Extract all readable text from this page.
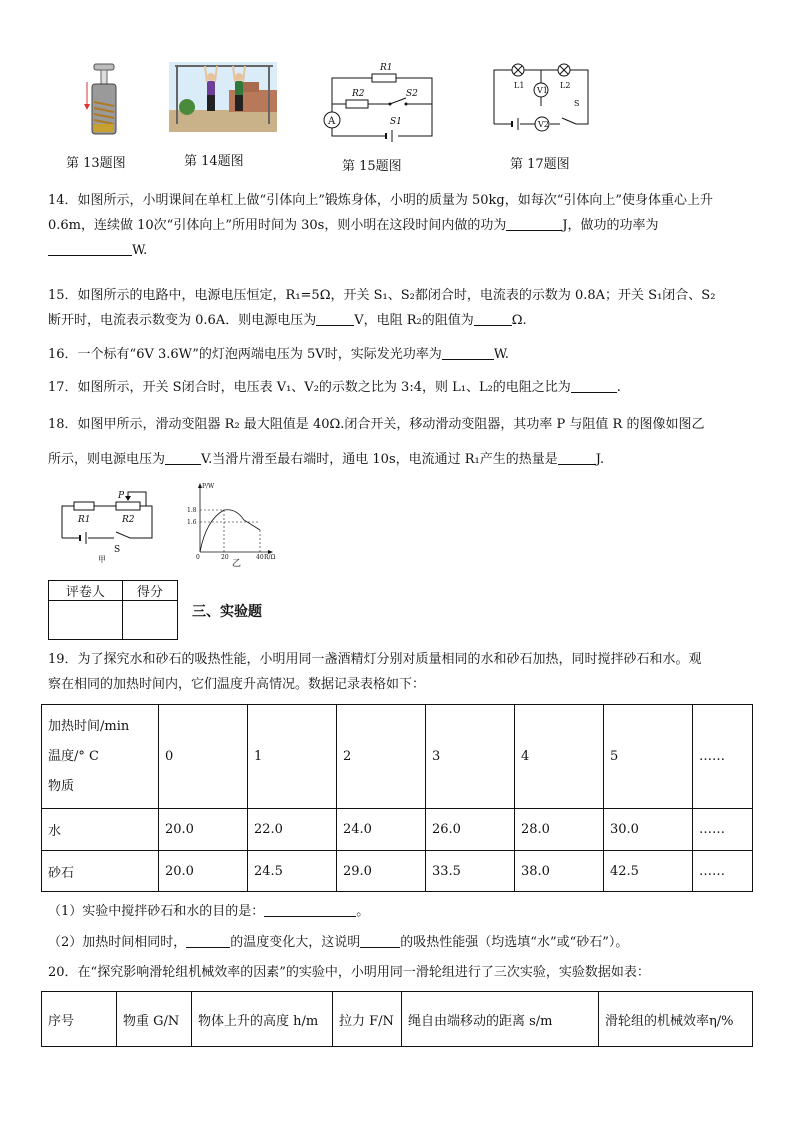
第 13题图	第 14题图
R1
R2	S2
S1
A
第 15题图
L1	L2
V1
V2
S
第 17题图
14．如图所示，小明课间在单杠上做“引体向上”锻炼身体，小明的质量为 50kg，如每次“引体向上”使身体重心上升
0.6m，连续做 10次“引体向上”所用时间为 30s，则小明在这段时间内做的功为	J，做功的功率为
W.
15．如图所示的电路中，电源电压恒定，R₁=5Ω，开关 S₁、S₂都闭合时，电流表的示数为 0.8A；开关 S₁闭合、S₂
断开时，电流表示数变为 0.6A．则电源电压为	V，电阻 R₂的阻值为	Ω.
16．一个标有“6V 3.6W”的灯泡两端电压为 5V时，实际发光功率为	W.
17．如图所示，开关 S闭合时，电压表 V₁、V₂的示数之比为 3:4，则 L₁、L₂的电阻之比为	.
18．如图甲所示，滑动变阻器 R₂ 最大阻值是 40Ω.闭合开关，移动滑动变阻器，其功率 P 与阻值 R 的图像如图乙
所示，则电源电压为	V.当滑片滑至最右端时，通电 10s，电流通过 R₁产生的热量是	J.
P
R1	R2
S
甲
P/W
1.8
1.6
0	20	40 R/Ω
乙
评卷人	得分

三、实验题
19．为了探究水和砂石的吸热性能，小明用同一盏酒精灯分别对质量相同的水和砂石加热，同时搅拌砂石和水。观
察在相同的加热时间内，它们温度升高情况。数据记录表格如下：
加热时间/min
温度/° C
物质	0	1	2	3	4	5	……
水	20.0	22.0	24.0	26.0	28.0	30.0	……
砂石	20.0	24.5	29.0	33.5	38.0	42.5	……
（1）实验中搅拌砂石和水的目的是：	。
（2）加热时间相同时，	的温度变化大，这说明	的吸热性能强（均选填“水”或“砂石”）。
20．在“探究影响滑轮组机械效率的因素”的实验中，小明用同一滑轮组进行了三次实验，实验数据如表：
序号	物重 G/N	物体上升的高度 h/m	拉力 F/N	绳自由端移动的距离 s/m	滑轮组的机械效率η/%
